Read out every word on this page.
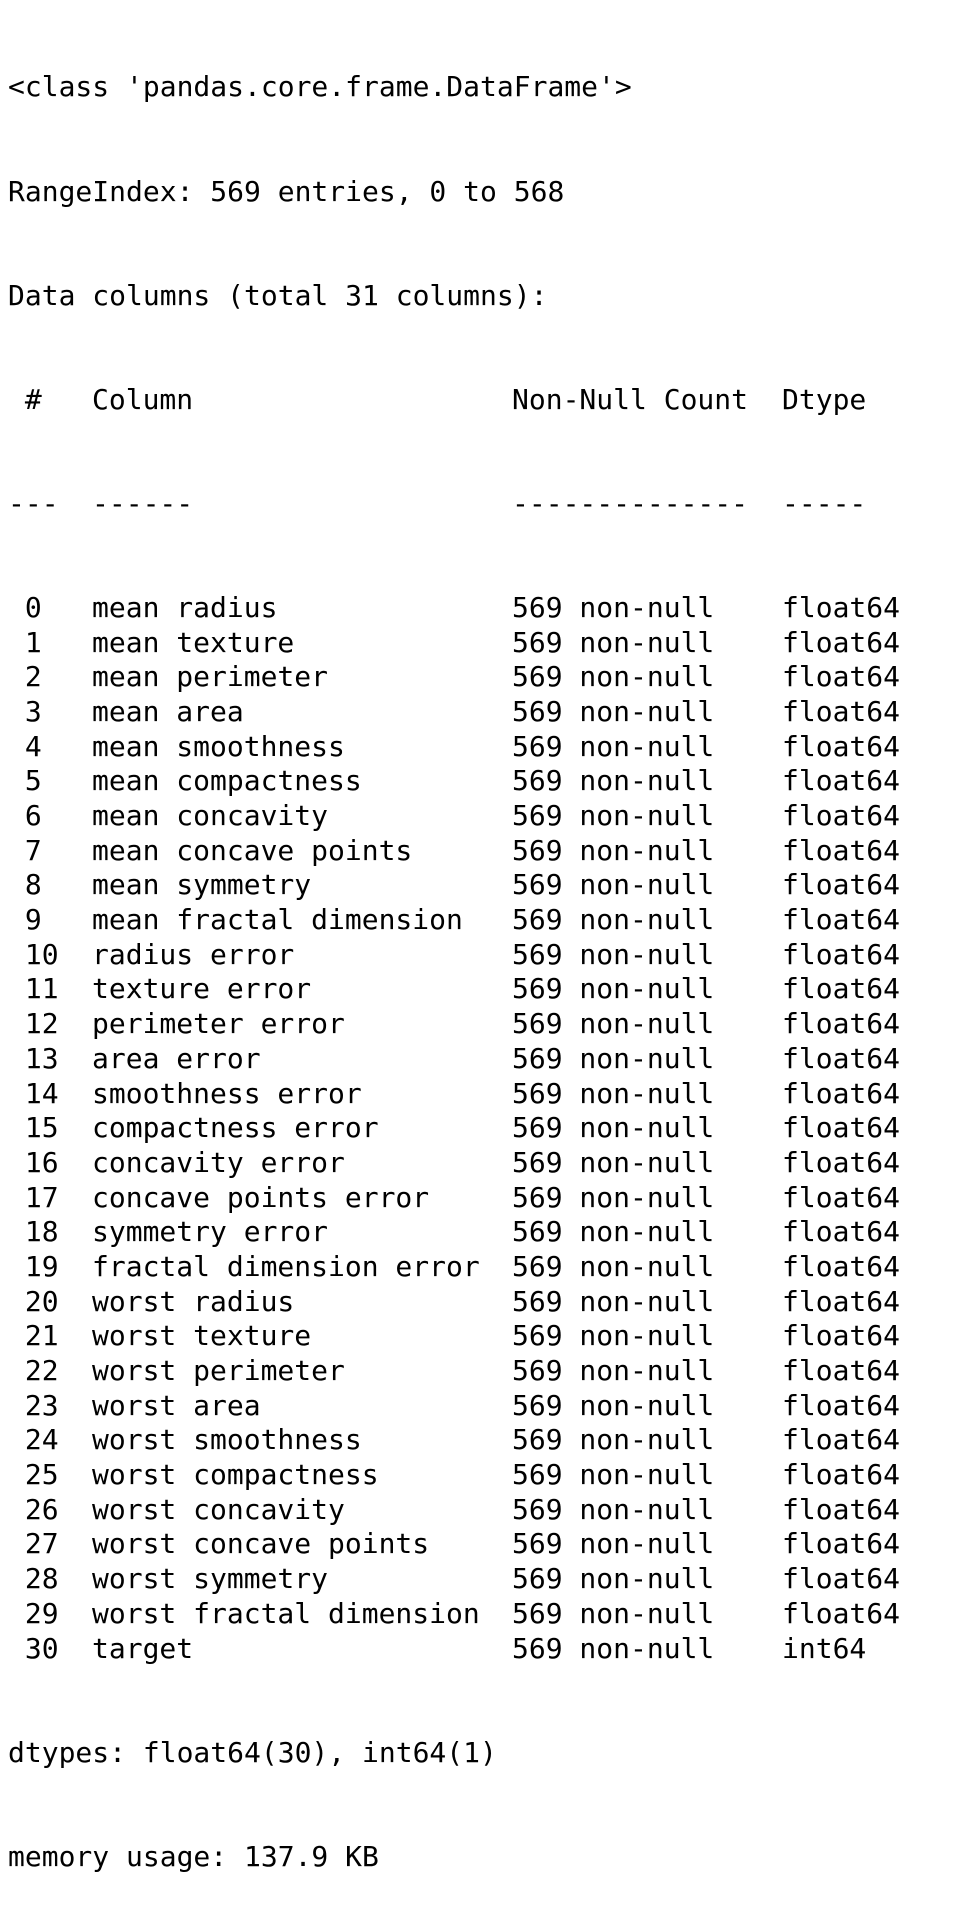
<class 'pandas.core.frame.DataFrame'>

RangeIndex: 569 entries, 0 to 568

Data columns (total 31 columns):

# Column	Non-Null Count Dtype

--- ------	-------------- -----

0 mean radius	569 non-null float64
1 mean texture	569 non-null float64
2 mean perimeter	569 non-null float64
3 mean area	569 non-null float64
4 mean smoothness	569 non-null float64
5 mean compactness	569 non-null float64
6 mean concavity	569 non-null float64
7 mean concave points	569 non-null float64
8 mean symmetry	569 non-null float64
9 mean fractal dimension 569 non-null float64
10 radius error	569 non-null float64
11 texture error	569 non-null float64
12 perimeter error	569 non-null float64
13 area error	569 non-null float64
14 smoothness error	569 non-null float64
15 compactness error	569 non-null float64
16 concavity error	569 non-null float64
17 concave points error	569 non-null float64
18 symmetry error	569 non-null float64
19 fractal dimension error 569 non-null float64
20 worst radius	569 non-null float64
21 worst texture	569 non-null float64
22 worst perimeter	569 non-null float64
23 worst area	569 non-null float64
24 worst smoothness	569 non-null float64
25 worst compactness	569 non-null float64
26 worst concavity	569 non-null float64
27 worst concave points	569 non-null float64
28 worst symmetry	569 non-null float64
29 worst fractal dimension 569 non-null float64
30 target	569 non-null int64

dtypes: float64(30), int64(1)

memory usage: 137.9 KB
